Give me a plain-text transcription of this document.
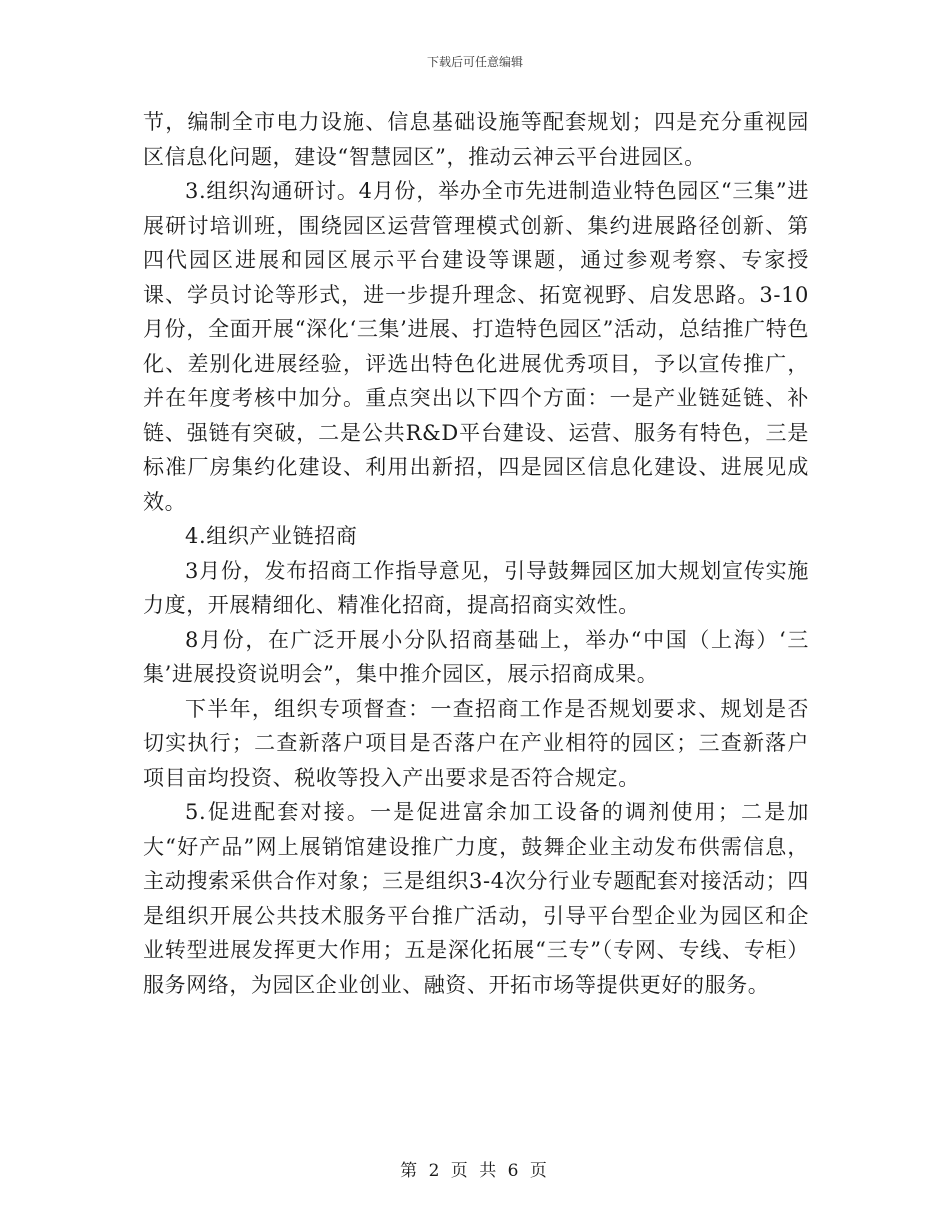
下载后可任意编辑

节，编制全市电力设施、信息基础设施等配套规划；四是充分重视园区信息化问题，建设“智慧园区”，推动云神云平台进园区。

3.组织沟通研讨。4月份，举办全市先进制造业特色园区“三集”进展研讨培训班，围绕园区运营管理模式创新、集约进展路径创新、第四代园区进展和园区展示平台建设等课题，通过参观考察、专家授课、学员讨论等形式，进一步提升理念、拓宽视野、启发思路。3-10月份，全面开展“深化‘三集’进展、打造特色园区”活动，总结推广特色化、差别化进展经验，评选出特色化进展优秀项目，予以宣传推广，并在年度考核中加分。重点突出以下四个方面：一是产业链延链、补链、强链有突破，二是公共R&D平台建设、运营、服务有特色，三是标准厂房集约化建设、利用出新招，四是园区信息化建设、进展见成效。

4.组织产业链招商

3月份，发布招商工作指导意见，引导鼓舞园区加大规划宣传实施力度，开展精细化、精准化招商，提高招商实效性。

8月份，在广泛开展小分队招商基础上，举办“中国（上海）‘三集’进展投资说明会”，集中推介园区，展示招商成果。

下半年，组织专项督查：一查招商工作是否规划要求、规划是否切实执行；二查新落户项目是否落户在产业相符的园区；三查新落户项目亩均投资、税收等投入产出要求是否符合规定。

5.促进配套对接。一是促进富余加工设备的调剂使用；二是加大“好产品”网上展销馆建设推广力度，鼓舞企业主动发布供需信息，主动搜索采供合作对象；三是组织3-4次分行业专题配套对接活动；四是组织开展公共技术服务平台推广活动，引导平台型企业为园区和企业转型进展发挥更大作用；五是深化拓展“三专”（专网、专线、专柜）服务网络，为园区企业创业、融资、开拓市场等提供更好的服务。

第 2 页 共 6 页
